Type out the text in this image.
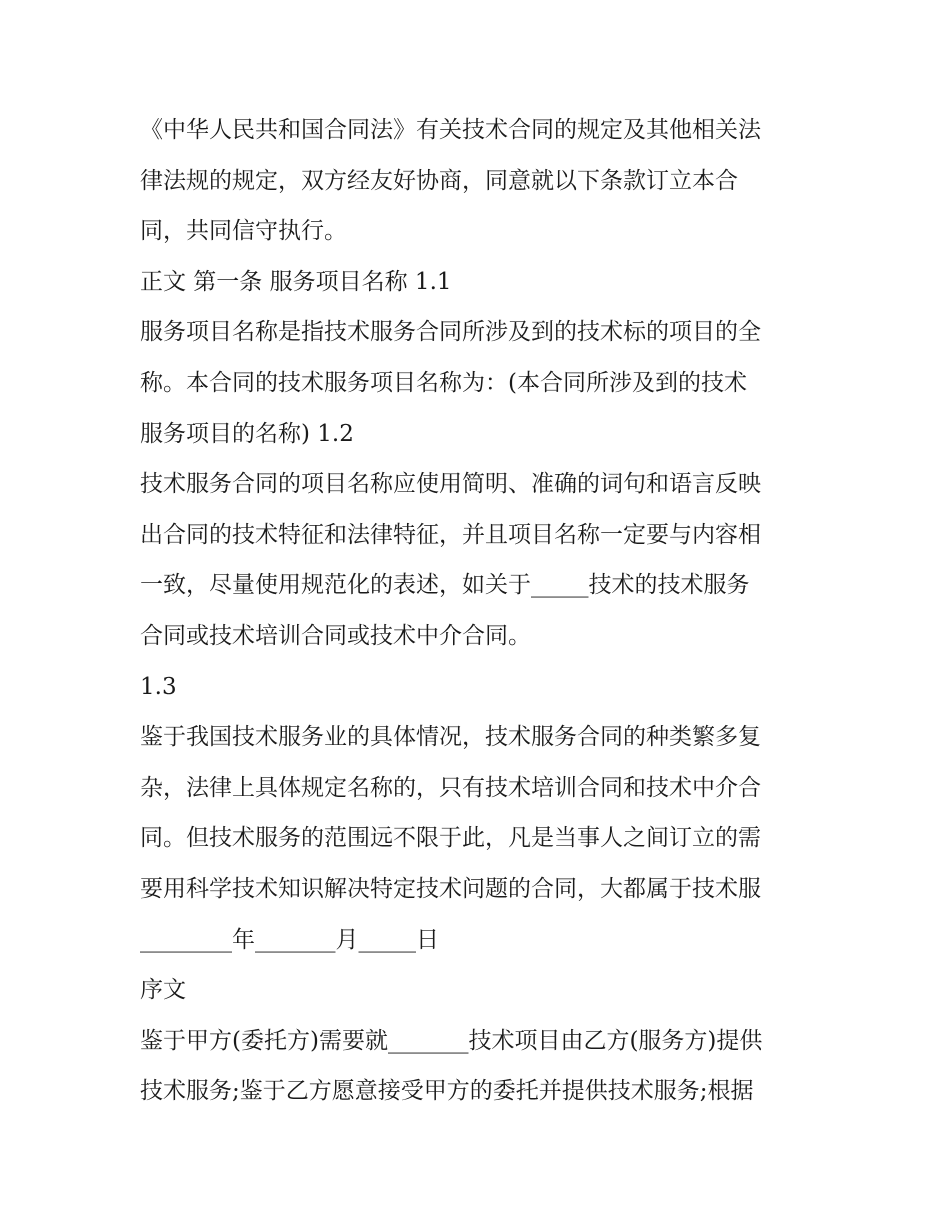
《中华人民共和国合同法》有关技术合同的规定及其他相关法
律法规的规定，双方经友好协商，同意就以下条款订立本合
同，共同信守执行。
正文 第一条 服务项目名称 1.1
服务项目名称是指技术服务合同所涉及到的技术标的项目的全
称。本合同的技术服务项目名称为：(本合同所涉及到的技术
服务项目的名称) 1.2
技术服务合同的项目名称应使用简明、准确的词句和语言反映
出合同的技术特征和法律特征，并且项目名称一定要与内容相
一致，尽量使用规范化的表述，如关于_____技术的技术服务
合同或技术培训合同或技术中介合同。
1.3
鉴于我国技术服务业的具体情况，技术服务合同的种类繁多复
杂，法律上具体规定名称的，只有技术培训合同和技术中介合
同。但技术服务的范围远不限于此，凡是当事人之间订立的需
要用科学技术知识解决特定技术问题的合同，大都属于技术服
________年_______月_____日
序文
鉴于甲方(委托方)需要就_______技术项目由乙方(服务方)提供
技术服务;鉴于乙方愿意接受甲方的委托并提供技术服务;根据
